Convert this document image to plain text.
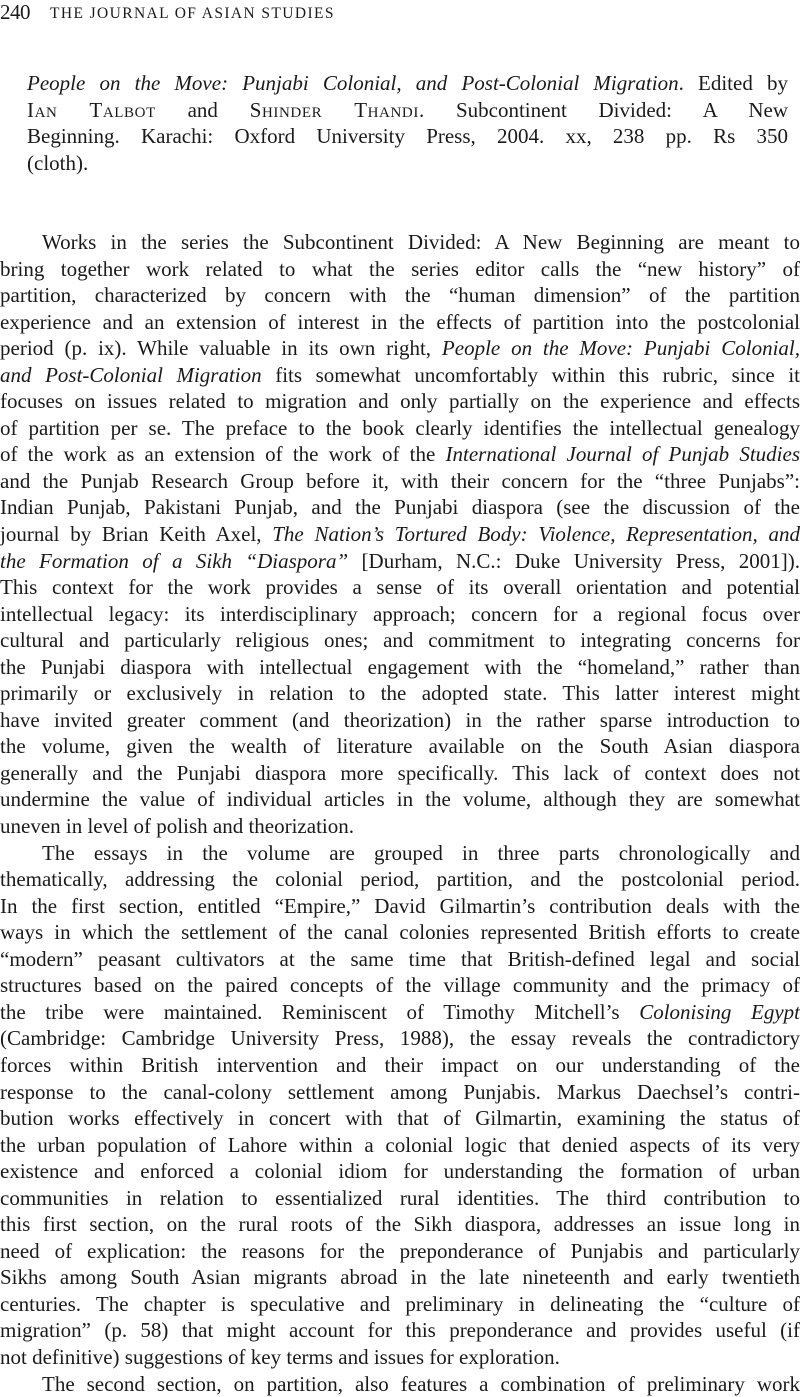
240 THE JOURNAL OF ASIAN STUDIES
People on the Move: Punjabi Colonial, and Post-Colonial Migration. Edited by
Ian Talbot and Shinder Thandi. Subcontinent Divided: A New
Beginning. Karachi: Oxford University Press, 2004. xx, 238 pp. Rs 350
(cloth).
Works in the series the Subcontinent Divided: A New Beginning are meant to
bring together work related to what the series editor calls the “new history” of
partition, characterized by concern with the “human dimension” of the partition
experience and an extension of interest in the effects of partition into the postcolonial
period (p. ix). While valuable in its own right, People on the Move: Punjabi Colonial,
and Post-Colonial Migration fits somewhat uncomfortably within this rubric, since it
focuses on issues related to migration and only partially on the experience and effects
of partition per se. The preface to the book clearly identifies the intellectual genealogy
of the work as an extension of the work of the International Journal of Punjab Studies
and the Punjab Research Group before it, with their concern for the “three Punjabs”:
Indian Punjab, Pakistani Punjab, and the Punjabi diaspora (see the discussion of the
journal by Brian Keith Axel, The Nation’s Tortured Body: Violence, Representation, and
the Formation of a Sikh “Diaspora” [Durham, N.C.: Duke University Press, 2001]).
This context for the work provides a sense of its overall orientation and potential
intellectual legacy: its interdisciplinary approach; concern for a regional focus over
cultural and particularly religious ones; and commitment to integrating concerns for
the Punjabi diaspora with intellectual engagement with the “homeland,” rather than
primarily or exclusively in relation to the adopted state. This latter interest might
have invited greater comment (and theorization) in the rather sparse introduction to
the volume, given the wealth of literature available on the South Asian diaspora
generally and the Punjabi diaspora more specifically. This lack of context does not
undermine the value of individual articles in the volume, although they are somewhat
uneven in level of polish and theorization.
The essays in the volume are grouped in three parts chronologically and
thematically, addressing the colonial period, partition, and the postcolonial period.
In the first section, entitled “Empire,” David Gilmartin’s contribution deals with the
ways in which the settlement of the canal colonies represented British efforts to create
“modern” peasant cultivators at the same time that British-defined legal and social
structures based on the paired concepts of the village community and the primacy of
the tribe were maintained. Reminiscent of Timothy Mitchell’s Colonising Egypt
(Cambridge: Cambridge University Press, 1988), the essay reveals the contradictory
forces within British intervention and their impact on our understanding of the
response to the canal-colony settlement among Punjabis. Markus Daechsel’s contri-
bution works effectively in concert with that of Gilmartin, examining the status of
the urban population of Lahore within a colonial logic that denied aspects of its very
existence and enforced a colonial idiom for understanding the formation of urban
communities in relation to essentialized rural identities. The third contribution to
this first section, on the rural roots of the Sikh diaspora, addresses an issue long in
need of explication: the reasons for the preponderance of Punjabis and particularly
Sikhs among South Asian migrants abroad in the late nineteenth and early twentieth
centuries. The chapter is speculative and preliminary in delineating the “culture of
migration” (p. 58) that might account for this preponderance and provides useful (if
not definitive) suggestions of key terms and issues for exploration.
The second section, on partition, also features a combination of preliminary work
